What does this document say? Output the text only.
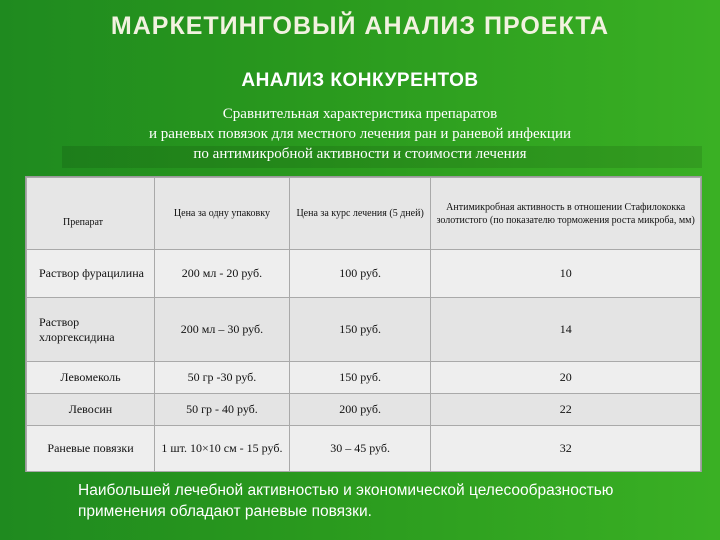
МАРКЕТИНГОВЫЙ АНАЛИЗ ПРОЕКТА
АНАЛИЗ КОНКУРЕНТОВ
Сравнительная характеристика препаратов
и раневых повязок для местного лечения ран и раневой инфекции
по антимикробной активности и стоимости лечения
Препарат	Цена за одну упаковку	Цена за курс лечения (5 дней)	Антимикробная активность в отношении Стафилококка золотистого (по показателю торможения роста микроба, мм)
Раствор фурацилина	200 мл - 20 руб.	100 руб.	10
Раствор хлоргексидина	200 мл – 30 руб.	150 руб.	14
Левомеколь	50 гр -30 руб.	150 руб.	20
Левосин	50 гр - 40 руб.	200 руб.	22
Раневые повязки	1 шт. 10×10 см - 15 руб.	30 – 45 руб.	32
Наибольшей лечебной активностью и экономической целесообразностью применения обладают раневые повязки.
